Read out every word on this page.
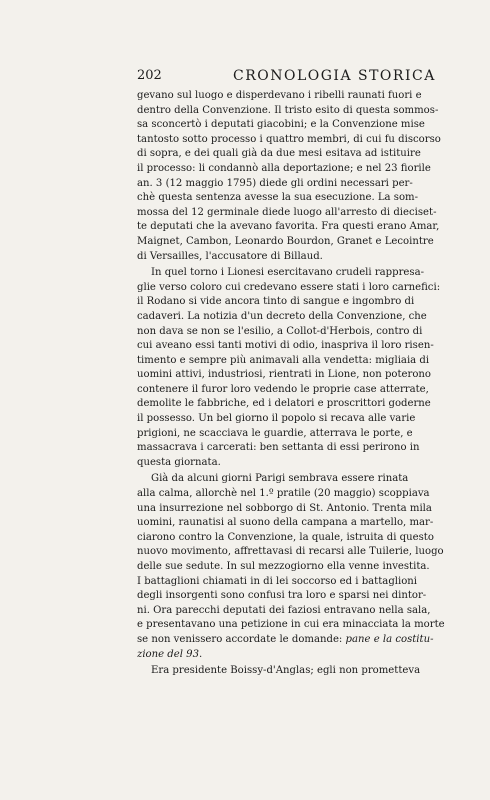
202	CRONOLOGIA STORICA
gevano sul luogo e disperdevano i ribelli raunati fuori e
dentro della Convenzione. Il tristo esito di questa sommos-
sa sconcertò i deputati giacobini; e la Convenzione mise
tantosto sotto processo i quattro membri, di cui fu discorso
di sopra, e dei quali già da due mesi esitava ad istituire
il processo: li condannò alla deportazione; e nel 23 fiorile
an. 3 (12 maggio 1795) diede gli ordini necessari per-
chè questa sentenza avesse la sua esecuzione. La som-
mossa del 12 germinale diede luogo all'arresto di dieciset-
te deputati che la avevano favorita. Fra questi erano Amar,
Maignet, Cambon, Leonardo Bourdon, Granet e Lecointre
di Versailles, l'accusatore di Billaud.
In quel torno i Lionesi esercitavano crudeli rappresa-
glie verso coloro cui credevano essere stati i loro carnefici:
il Rodano si vide ancora tinto di sangue e ingombro di
cadaveri. La notizia d'un decreto della Convenzione, che
non dava se non se l'esilio, a Collot-d'Herbois, contro di
cui aveano essi tanti motivi di odio, inaspriva il loro risen-
timento e sempre più animavali alla vendetta: migliaia di
uomini attivi, industriosi, rientrati in Lione, non poterono
contenere il furor loro vedendo le proprie case atterrate,
demolite le fabbriche, ed i delatori e proscrittori goderne
il possesso. Un bel giorno il popolo si recava alle varie
prigioni, ne scacciava le guardie, atterrava le porte, e
massacrava i carcerati: ben settanta di essi perirono in
questa giornata.
Già da alcuni giorni Parigi sembrava essere rinata
alla calma, allorchè nel 1.º pratile (20 maggio) scoppiava
una insurrezione nel sobborgo di St. Antonio. Trenta mila
uomini, raunatisi al suono della campana a martello, mar-
ciarono contro la Convenzione, la quale, istruita di questo
nuovo movimento, affrettavasi di recarsi alle Tuilerie, luogo
delle sue sedute. In sul mezzogiorno ella venne investita.
I battaglioni chiamati in di lei soccorso ed i battaglioni
degli insorgenti sono confusi tra loro e sparsi nei dintor-
ni. Ora parecchi deputati dei faziosi entravano nella sala,
e presentavano una petizione in cui era minacciata la morte
se non venissero accordate le domande: pane e la costitu-
zione del 93.
Era presidente Boissy-d'Anglas; egli non prometteva
